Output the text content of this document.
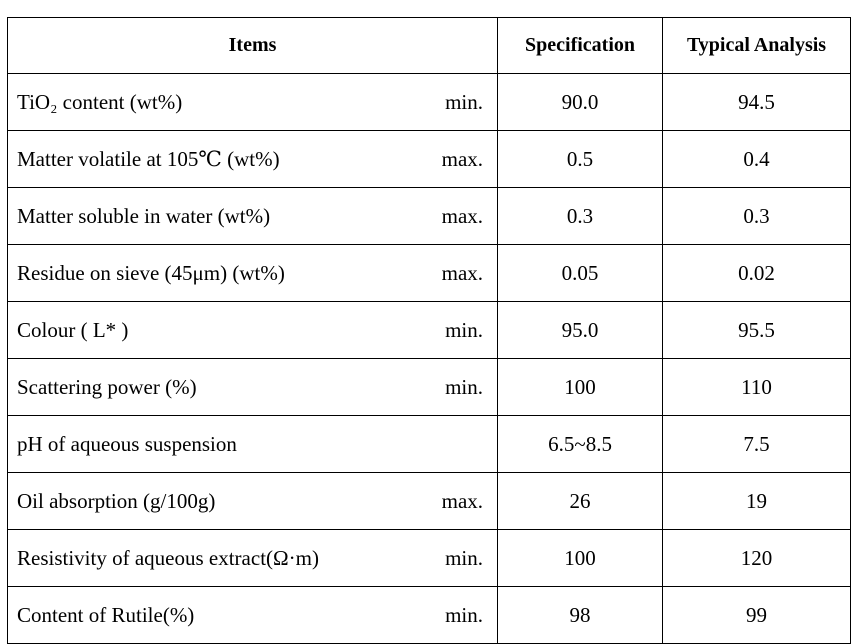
Items		Specification	Typical Analysis
TiO₂ content (wt%)	min.	90.0	94.5
Matter volatile at 105℃ (wt%)	max.	0.5	0.4
Matter soluble in water (wt%)	max.	0.3	0.3
Residue on sieve (45μm) (wt%)	max.	0.05	0.02
Colour ( L* )	min.	95.0	95.5
Scattering power (%)	min.	100	110
pH of aqueous suspension		6.5~8.5	7.5
Oil absorption (g/100g)	max.	26	19
Resistivity of aqueous extract(Ω·m)	min.	100	120
Content of Rutile(%)	min.	98	99
